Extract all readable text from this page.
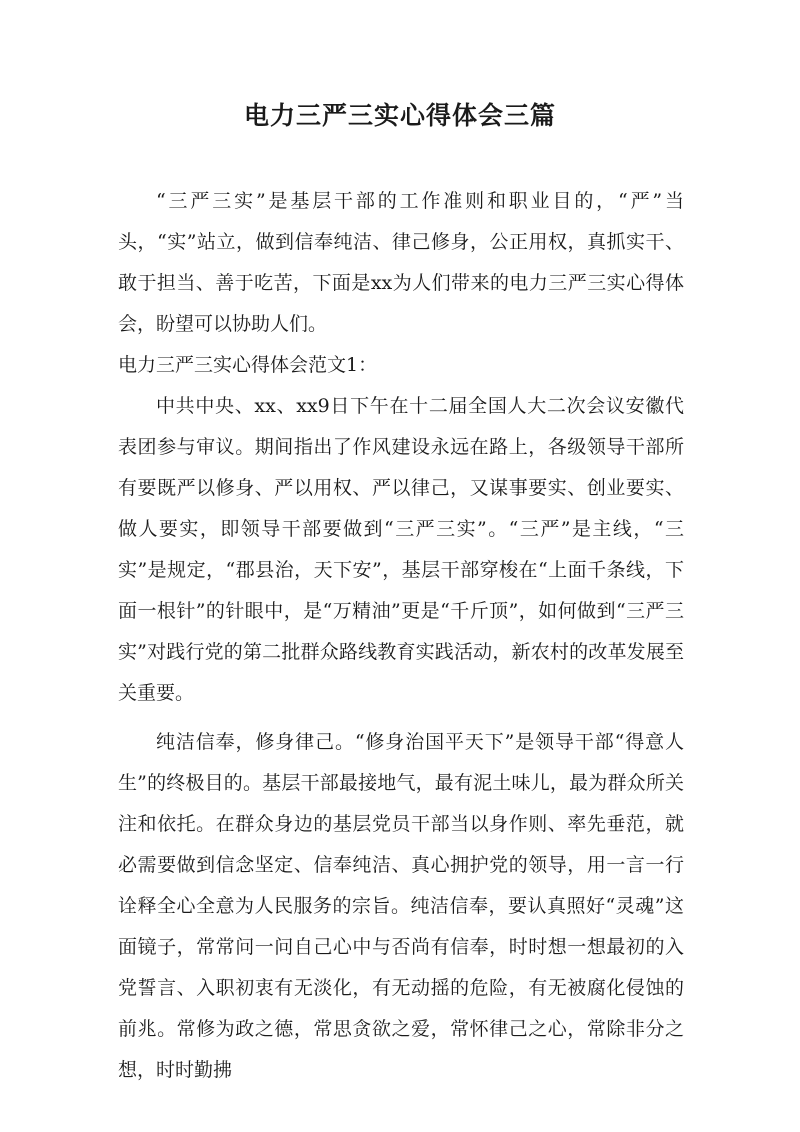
电力三严三实心得体会三篇

“三严三实”是基层干部的工作准则和职业目的，“严”当头，“实”站立，做到信奉纯洁、律己修身，公正用权，真抓实干、敢于担当、善于吃苦，下面是xx为人们带来的电力三严三实心得体会，盼望可以协助人们。

电力三严三实心得体会范文1：

中共中央、xx、xx9日下午在十二届全国人大二次会议安徽代表团参与审议。期间指出了作风建设永远在路上，各级领导干部所有要既严以修身、严以用权、严以律己，又谋事要实、创业要实、做人要实，即领导干部要做到“三严三实”。“三严”是主线，“三实”是规定，“郡县治，天下安”，基层干部穿梭在“上面千条线，下面一根针”的针眼中，是“万精油”更是“千斤顶”，如何做到“三严三实”对践行党的第二批群众路线教育实践活动，新农村的改革发展至关重要。

纯洁信奉，修身律己。“修身治国平天下”是领导干部“得意人生”的终极目的。基层干部最接地气，最有泥土味儿，最为群众所关注和依托。在群众身边的基层党员干部当以身作则、率先垂范，就必需要做到信念坚定、信奉纯洁、真心拥护党的领导，用一言一行诠释全心全意为人民服务的宗旨。纯洁信奉，要认真照好“灵魂”这面镜子，常常问一问自己心中与否尚有信奉，时时想一想最初的入党誓言、入职初衷有无淡化，有无动摇的危险，有无被腐化侵蚀的前兆。常修为政之德，常思贪欲之爱，常怀律己之心，常除非分之想，时时勤拂
